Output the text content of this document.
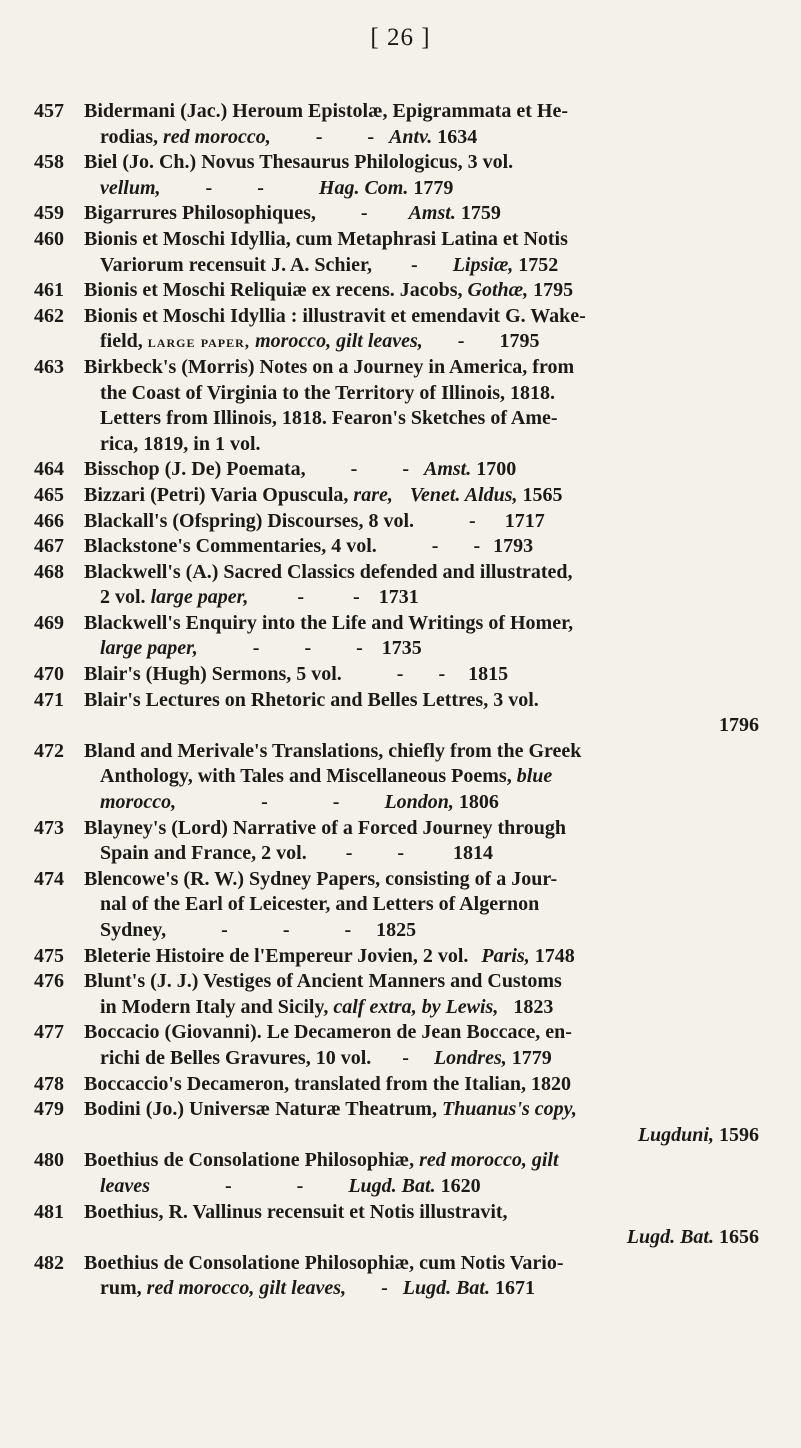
[ 26 ]
457	Bidermani (Jac.) Heroum Epistolæ, Epigrammata et He-
rodias, red morocco, - - Antv. 1634
458	Biel (Jo. Ch.) Novus Thesaurus Philologicus, 3 vol.
vellum, - -	Hag. Com. 1779
459	Bigarrures Philosophiques, - Amst. 1759
460	Bionis et Moschi Idyllia, cum Metaphrasi Latina et Notis
Variorum recensuit J. A. Schier, - Lipsiæ, 1752
461	Bionis et Moschi Reliquiæ ex recens. Jacobs, Gothæ, 1795
462	Bionis et Moschi Idyllia : illustravit et emendavit G. Wake-
field, large paper, morocco, gilt leaves, - 1795
463	Birkbeck's (Morris) Notes on a Journey in America, from
the Coast of Virginia to the Territory of Illinois, 1818.
Letters from Illinois, 1818. Fearon's Sketches of Ame-
rica, 1819, in 1 vol.
464	Bisschop (J. De) Poemata, - - Amst. 1700
465	Bizzari (Petri) Varia Opuscula, rare, Venet. Aldus, 1565
466	Blackall's (Ofspring) Discourses, 8 vol.	- 1717
467	Blackstone's Commentaries, 4 vol.	- - 1793
468	Blackwell's (A.) Sacred Classics defended and illustrated,
2 vol. large paper, - - 1731
469	Blackwell's Enquiry into the Life and Writings of Homer,
large paper,	- - - 1735
470	Blair's (Hugh) Sermons, 5 vol.	- - 1815
471	Blair's Lectures on Rhetoric and Belles Lettres, 3 vol.
1796
472	Bland and Merivale's Translations, chiefly from the Greek
Anthology, with Tales and Miscellaneous Poems, blue
morocco,	-	- London, 1806
473	Blayney's (Lord) Narrative of a Forced Journey through
Spain and France, 2 vol. - - 1814
474	Blencowe's (R. W.) Sydney Papers, consisting of a Jour-
nal of the Earl of Leicester, and Letters of Algernon
Sydney,	-	-	- 1825
475	Bleterie Histoire de l'Empereur Jovien, 2 vol. Paris, 1748
476	Blunt's (J. J.) Vestiges of Ancient Manners and Customs
in Modern Italy and Sicily, calf extra, by Lewis, 1823
477	Boccacio (Giovanni). Le Decameron de Jean Boccace, en-
richi de Belles Gravures, 10 vol. - Londres, 1779
478	Boccaccio's Decameron, translated from the Italian, 1820
479	Bodini (Jo.) Universæ Naturæ Theatrum, Thuanus's copy,

Lugduni, 1596
480	Boethius de Consolatione Philosophiæ, red morocco, gilt
leaves	-	- Lugd. Bat. 1620
481	Boethius, R. Vallinus recensuit et Notis illustravit,

Lugd. Bat. 1656
482	Boethius de Consolatione Philosophiæ, cum Notis Vario-
rum, red morocco, gilt leaves, - Lugd. Bat. 1671
